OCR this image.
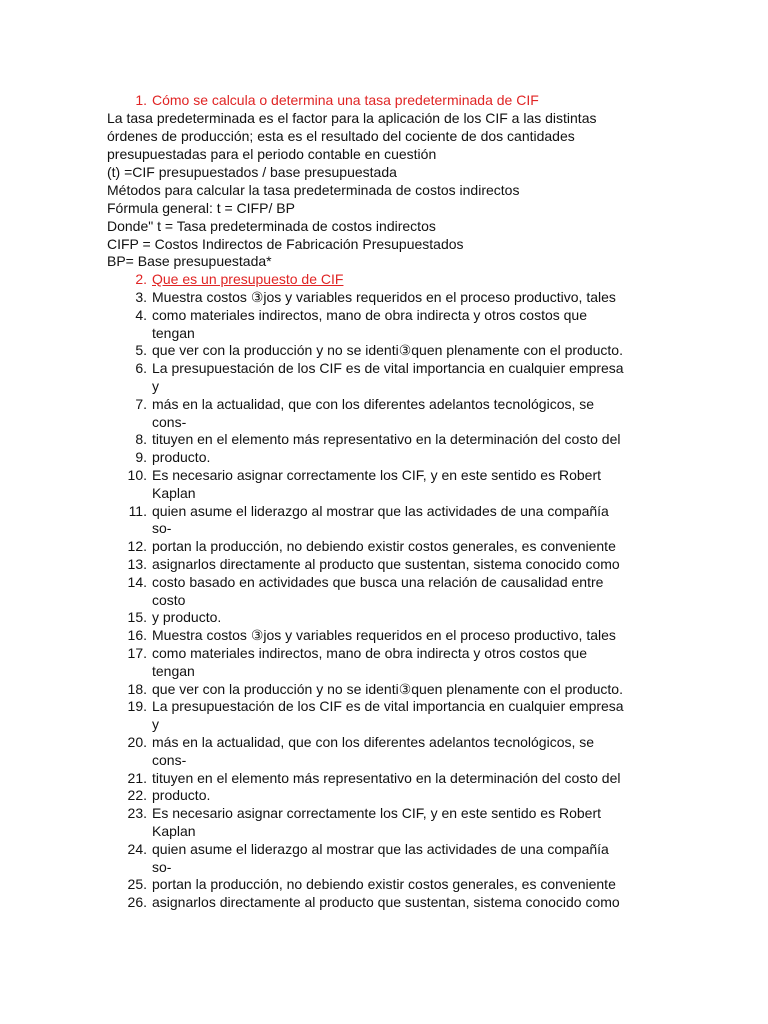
1. Cómo se calcula o determina una tasa predeterminada de CIF
La tasa predeterminada es el factor para la aplicación de los CIF a las distintas
órdenes de producción; esta es el resultado del cociente de dos cantidades
presupuestadas para el periodo contable en cuestión
(t) =CIF presupuestados / base presupuestada
Métodos para calcular la tasa predeterminada de costos indirectos
Fórmula general: t = CIFP/ BP
Donde" t = Tasa predeterminada de costos indirectos
CIFP = Costos Indirectos de Fabricación Presupuestados
BP= Base presupuestada*
2. Que es un presupuesto de CIF
3. Muestra costos ③jos y variables requeridos en el proceso productivo, tales
4. como materiales indirectos, mano de obra indirecta y otros costos que
tengan
5. que ver con la producción y no se identi③quen plenamente con el producto.
6. La presupuestación de los CIF es de vital importancia en cualquier empresa
y
7. más en la actualidad, que con los diferentes adelantos tecnológicos, se
cons-
8. tituyen en el elemento más representativo en la determinación del costo del
9. producto.
10. Es necesario asignar correctamente los CIF, y en este sentido es Robert
Kaplan
11. quien asume el liderazgo al mostrar que las actividades de una compañía
so-
12. portan la producción, no debiendo existir costos generales, es conveniente
13. asignarlos directamente al producto que sustentan, sistema conocido como
14. costo basado en actividades que busca una relación de causalidad entre
costo
15. y producto.
16. Muestra costos ③jos y variables requeridos en el proceso productivo, tales
17. como materiales indirectos, mano de obra indirecta y otros costos que
tengan
18. que ver con la producción y no se identi③quen plenamente con el producto.
19. La presupuestación de los CIF es de vital importancia en cualquier empresa
y
20. más en la actualidad, que con los diferentes adelantos tecnológicos, se
cons-
21. tituyen en el elemento más representativo en la determinación del costo del
22. producto.
23. Es necesario asignar correctamente los CIF, y en este sentido es Robert
Kaplan
24. quien asume el liderazgo al mostrar que las actividades de una compañía
so-
25. portan la producción, no debiendo existir costos generales, es conveniente
26. asignarlos directamente al producto que sustentan, sistema conocido como
